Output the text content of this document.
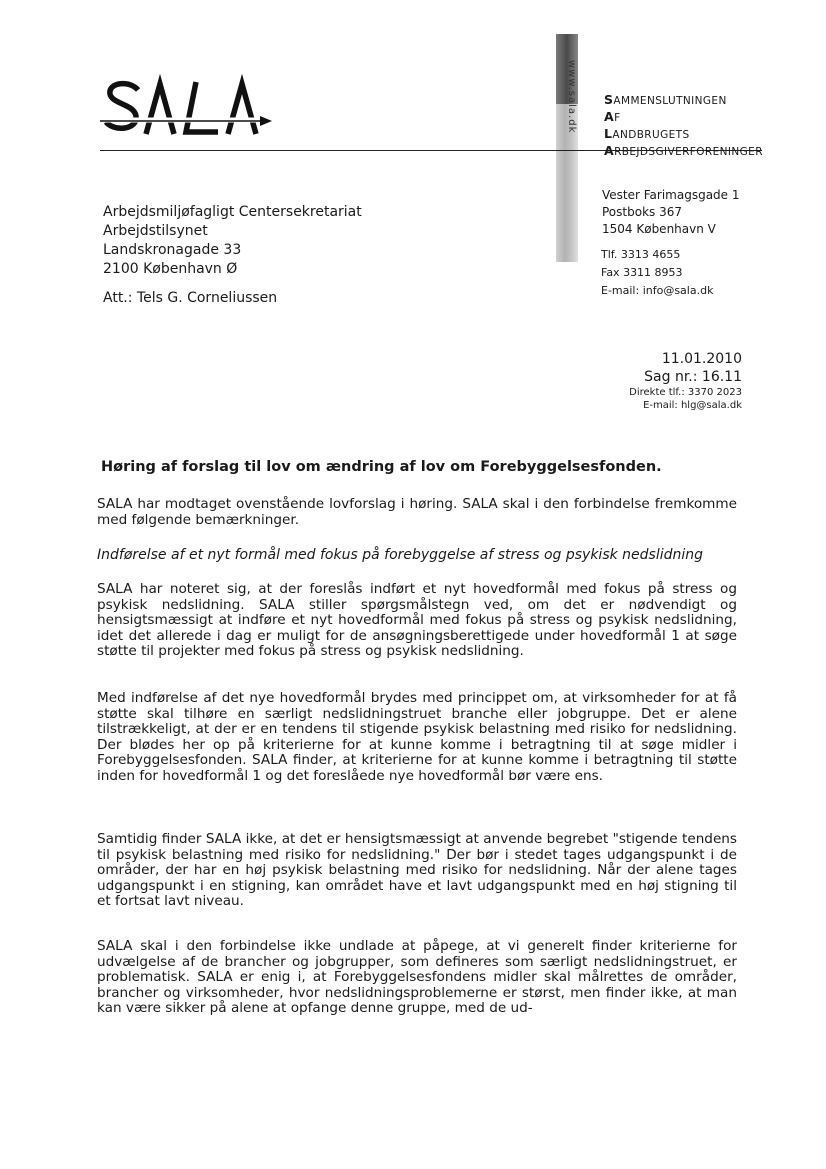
www.sala.dk SAMMENSLUTNINGEN
AF
LANDBRUGETS
ARBEJDSGIVERFORENINGER
Vester Farimagsgade 1
Postboks 367
1504 København V
Tlf. 3313 4655
Fax 3311 8953
E-mail: info@sala.dk
Arbejdsmiljøfagligt Centersekretariat
Arbejdstilsynet
Landskronagade 33
2100 København Ø
Att.: Tels G. Corneliussen
11.01.2010
Sag nr.: 16.11
Direkte tlf.: 3370 2023
E-mail: hlg@sala.dk
Høring af forslag til lov om ændring af lov om Forebyggelsesfonden.
SALA har modtaget ovenstående lovforslag i høring. SALA skal i den forbindelse fremkomme med følgende bemærkninger.
Indførelse af et nyt formål med fokus på forebyggelse af stress og psykisk nedslidning
SALA har noteret sig, at der foreslås indført et nyt hovedformål med fokus på stress og psykisk nedslidning. SALA stiller spørgsmålstegn ved, om det er nødvendigt og hensigtsmæssigt at indføre et nyt hovedformål med fokus på stress og psykisk nedslidning, idet det allerede i dag er muligt for de ansøgningsberettigede under hovedformål 1 at søge støtte til projekter med fokus på stress og psykisk nedslidning.
Med indførelse af det nye hovedformål brydes med princippet om, at virksomheder for at få støtte skal tilhøre en særligt nedslidningstruet branche eller jobgruppe. Det er alene tilstrækkeligt, at der er en tendens til stigende psykisk belastning med risiko for nedslidning. Der blødes her op på kriterierne for at kunne komme i betragtning til at søge midler i Forebyggelsesfonden. SALA finder, at kriterierne for at kunne komme i betragtning til støtte inden for hovedformål 1 og det foreslåede nye hovedformål bør være ens.
Samtidig finder SALA ikke, at det er hensigtsmæssigt at anvende begrebet "stigende tendens til psykisk belastning med risiko for nedslidning." Der bør i stedet tages udgangspunkt i de områder, der har en høj psykisk belastning med risiko for nedslidning. Når der alene tages udgangspunkt i en stigning, kan området have et lavt udgangspunkt med en høj stigning til et fortsat lavt niveau.
SALA skal i den forbindelse ikke undlade at påpege, at vi generelt finder kriterierne for udvælgelse af de brancher og jobgrupper, som defineres som særligt nedslidningstruet, er problematisk. SALA er enig i, at Forebyggelsesfondens midler skal målrettes de områder, brancher og virksomheder, hvor nedslidningsproblemerne er størst, men finder ikke, at man kan være sikker på alene at opfange denne gruppe, med de ud-
